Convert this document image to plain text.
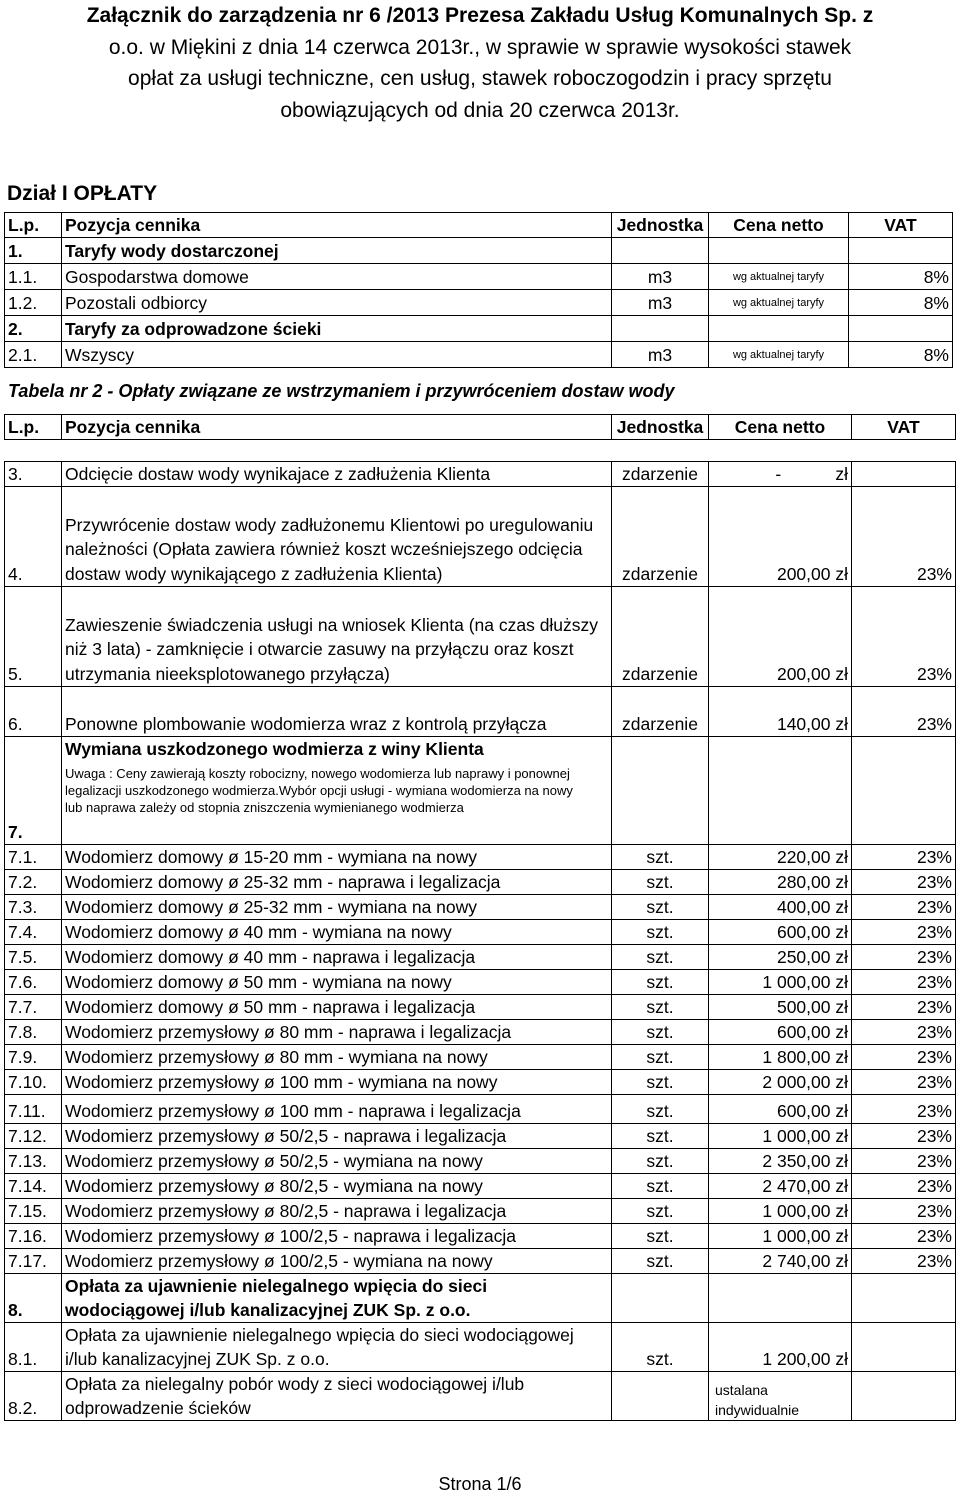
Załącznik do zarządzenia nr 6 /2013 Prezesa Zakładu Usług Komunalnych Sp. z
o.o. w Miękini z dnia 14 czerwca 2013r., w sprawie w sprawie wysokości stawek
opłat za usługi techniczne, cen usług, stawek roboczogodzin i pracy sprzętu
obowiązujących od dnia 20 czerwca 2013r.
Dział I OPŁATY
L.p.	Pozycja cennika	Jednostka	Cena netto	VAT
1.	Taryfy wody dostarczonej			
1.1.	Gospodarstwa domowe	m3	wg aktualnej taryfy	8%
1.2.	Pozostali odbiorcy	m3	wg aktualnej taryfy	8%
2.	Taryfy za odprowadzone ścieki			
2.1.	Wszyscy	m3	wg aktualnej taryfy	8%
Tabela nr 2 - Opłaty związane ze wstrzymaniem i przywróceniem dostaw wody
L.p.	Pozycja cennika	Jednostka	Cena netto	VAT

3.	Odcięcie dostaw wody wynikajace z zadłużenia Klienta	zdarzenie	- zł	
4.	Przywrócenie dostaw wody zadłużonemu Klientowi po uregulowaniu należności (Opłata zawiera również koszt wcześniejszego odcięcia dostaw wody wynikającego z zadłużenia Klienta)	zdarzenie	200,00 zł	23%
5.	Zawieszenie świadczenia usługi na wniosek Klienta (na czas dłuższy niż 3 lata) - zamknięcie i otwarcie zasuwy na przyłączu oraz koszt utrzymania nieeksplotowanego przyłącza)	zdarzenie	200,00 zł	23%
6.	Ponowne plombowanie wodomierza wraz z kontrolą przyłącza	zdarzenie	140,00 zł	23%
7.	Wymiana uszkodzonego wodmierza z winy Klienta
Uwaga : Ceny zawierają koszty robocizny, nowego wodomierza lub naprawy i ponownej legalizacji uszkodzonego wodmierza.Wybór opcji usługi - wymiana wodomierza na nowy lub naprawa zależy od stopnia zniszczenia wymienianego wodmierza			

7.1.	Wodomierz domowy ø 15-20 mm - wymiana na nowy	szt.	220,00 zł	23%
7.2.	Wodomierz domowy ø 25-32 mm - naprawa i legalizacja	szt.	280,00 zł	23%
7.3.	Wodomierz domowy ø 25-32 mm - wymiana na nowy	szt.	400,00 zł	23%
7.4.	Wodomierz domowy ø 40 mm - wymiana na nowy	szt.	600,00 zł	23%
7.5.	Wodomierz domowy ø 40 mm - naprawa i legalizacja	szt.	250,00 zł	23%
7.6.	Wodomierz domowy ø 50 mm - wymiana na nowy	szt.	1 000,00 zł	23%
7.7.	Wodomierz domowy ø 50 mm - naprawa i legalizacja	szt.	500,00 zł	23%
7.8.	Wodomierz przemysłowy ø 80 mm - naprawa i legalizacja	szt.	600,00 zł	23%
7.9.	Wodomierz przemysłowy ø 80 mm - wymiana na nowy	szt.	1 800,00 zł	23%
7.10.	Wodomierz przemysłowy ø 100 mm - wymiana na nowy	szt.	2 000,00 zł	23%
7.11.	Wodomierz przemysłowy ø 100 mm - naprawa i legalizacja	szt.	600,00 zł	23%
7.12.	Wodomierz przemysłowy ø 50/2,5 - naprawa i legalizacja	szt.	1 000,00 zł	23%
7.13.	Wodomierz przemysłowy ø 50/2,5 - wymiana na nowy	szt.	2 350,00 zł	23%
7.14.	Wodomierz przemysłowy ø 80/2,5 - wymiana na nowy	szt.	2 470,00 zł	23%
7.15.	Wodomierz przemysłowy ø 80/2,5 - naprawa i legalizacja	szt.	1 000,00 zł	23%
7.16.	Wodomierz przemysłowy ø 100/2,5 - naprawa i legalizacja	szt.	1 000,00 zł	23%
7.17.	Wodomierz przemysłowy ø 100/2,5 - wymiana na nowy	szt.	2 740,00 zł	23%
8.	Opłata za ujawnienie nielegalnego wpięcia do sieci wodociągowej i/lub kanalizacyjnej ZUK Sp. z o.o.			
8.1.	Opłata za ujawnienie nielegalnego wpięcia do sieci wodociągowej i/lub kanalizacyjnej ZUK Sp. z o.o.	szt.	1 200,00 zł	
8.2.	Opłata za nielegalny pobór wody z sieci wodociągowej i/lub odprowadzenie ścieków		ustalana indywidualnie	
Strona 1/6
